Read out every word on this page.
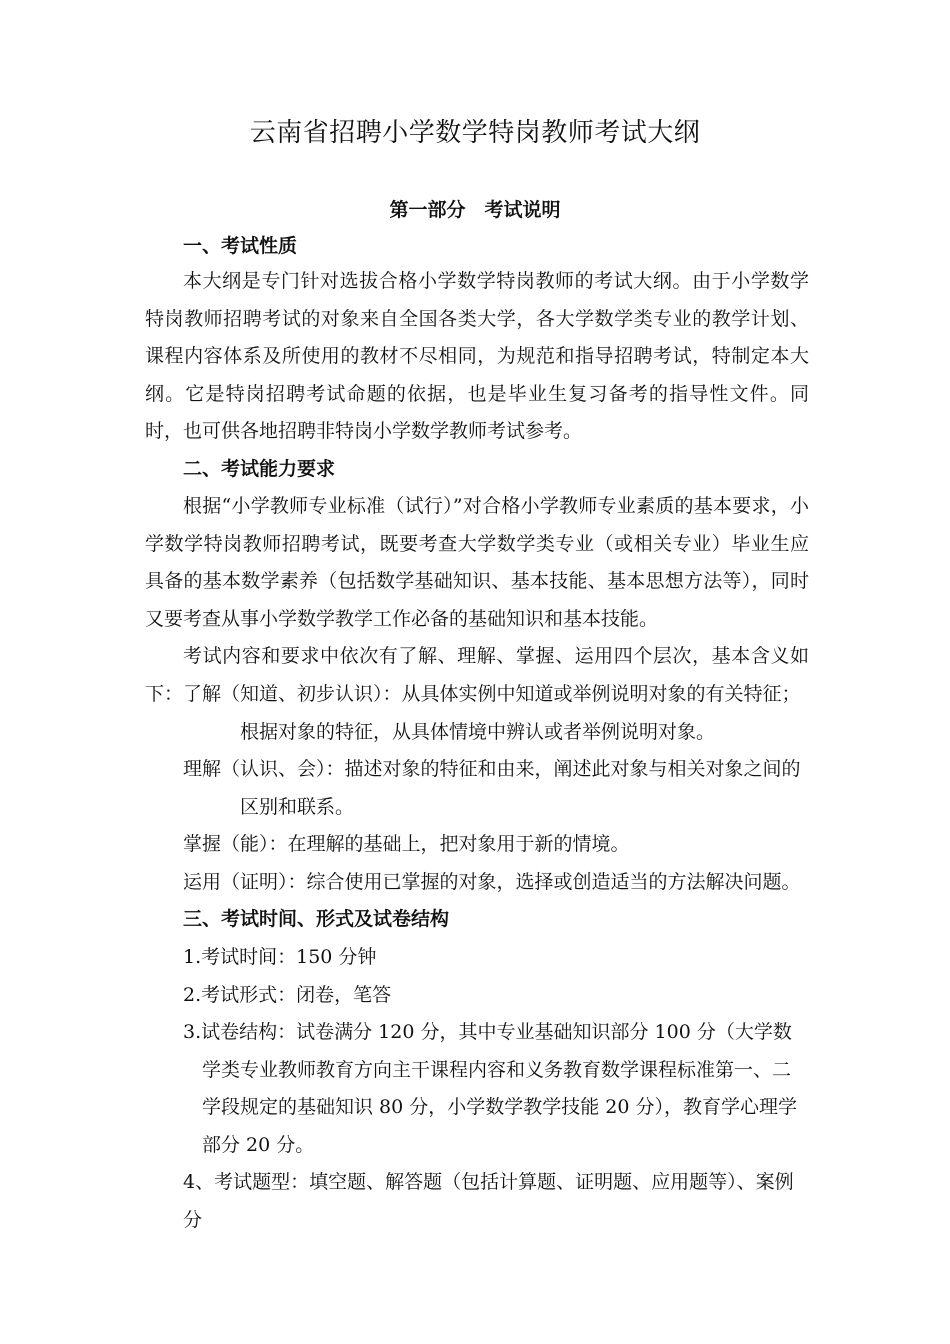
云南省招聘小学数学特岗教师考试大纲
第一部分　考试说明
一、考试性质
本大纲是专门针对选拔合格小学数学特岗教师的考试大纲。由于小学数学特岗教师招聘考试的对象来自全国各类大学，各大学数学类专业的教学计划、课程内容体系及所使用的教材不尽相同，为规范和指导招聘考试，特制定本大纲。它是特岗招聘考试命题的依据，也是毕业生复习备考的指导性文件。同时，也可供各地招聘非特岗小学数学教师考试参考。
二、考试能力要求
根据“小学教师专业标准（试行）”对合格小学教师专业素质的基本要求，小学数学特岗教师招聘考试，既要考查大学数学类专业（或相关专业）毕业生应具备的基本数学素养（包括数学基础知识、基本技能、基本思想方法等），同时又要考查从事小学数学教学工作必备的基础知识和基本技能。
考试内容和要求中依次有了解、理解、掌握、运用四个层次，基本含义如下： 了解（知道、初步认识）：从具体实例中知道或举例说明对象的有关特征；
根据对象的特征，从具体情境中辨认或者举例说明对象。
理解（认识、会）：描述对象的特征和由来，阐述此对象与相关对象之间的
区别和联系。
掌握（能）：在理解的基础上，把对象用于新的情境。
运用（证明）：综合使用已掌握的对象，选择或创造适当的方法解决问题。
三、考试时间、形式及试卷结构
1.考试时间：150 分钟
2.考试形式：闭卷，笔答
3.试卷结构：试卷满分 120 分，其中专业基础知识部分 100 分（大学数学类专业教师教育方向主干课程内容和义务教育数学课程标准第一、二学段规定的基础知识 80 分，小学数学教学技能 20 分），教育学心理学部分 20 分。
4、考试题型：填空题、解答题（包括计算题、证明题、应用题等）、案例分
